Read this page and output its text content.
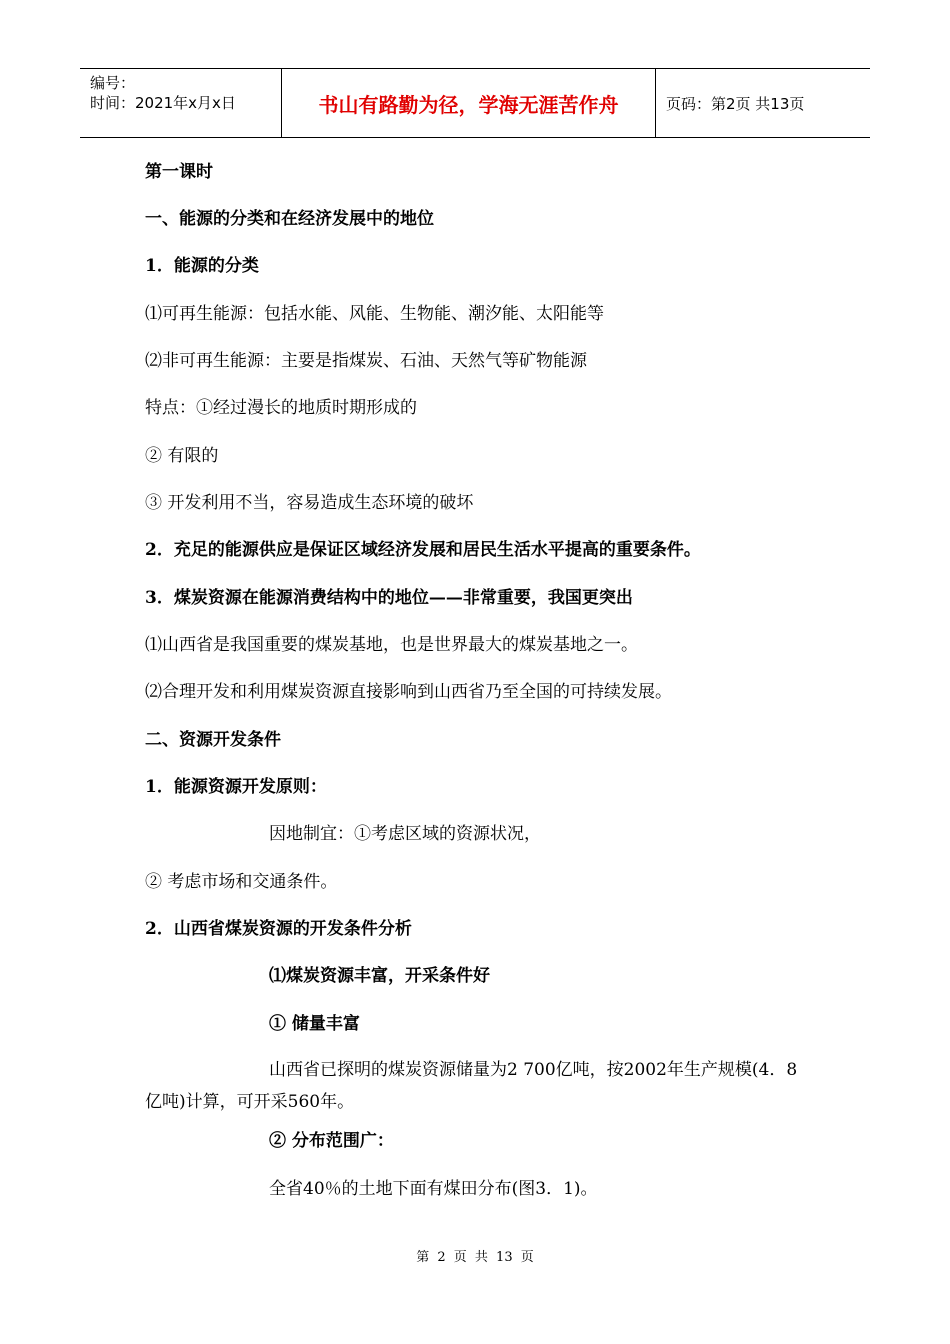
编号：
时间：2021年x月x日	书山有路勤为径，学海无涯苦作舟	页码：第2页 共13页
第一课时
一、能源的分类和在经济发展中的地位
1．能源的分类
⑴可再生能源：包括水能、风能、生物能、潮汐能、太阳能等
⑵非可再生能源：主要是指煤炭、石油、天然气等矿物能源
特点：①经过漫长的地质时期形成的
② 有限的
③ 开发利用不当，容易造成生态环境的破坏
2．充足的能源供应是保证区域经济发展和居民生活水平提高的重要条件。
3．煤炭资源在能源消费结构中的地位——非常重要，我国更突出
⑴山西省是我国重要的煤炭基地，也是世界最大的煤炭基地之一。
⑵合理开发和利用煤炭资源直接影响到山西省乃至全国的可持续发展。
二、资源开发条件
1．能源资源开发原则：
因地制宜：①考虑区域的资源状况，
② 考虑市场和交通条件。
2．山西省煤炭资源的开发条件分析
⑴煤炭资源丰富，开采条件好
① 储量丰富
山西省已探明的煤炭资源储量为2 700亿吨，按2002年生产规模(4．8亿吨)计算，可开采560年。
② 分布范围广：
全省40％的土地下面有煤田分布(图3．1)。
第 2 页 共 13 页
